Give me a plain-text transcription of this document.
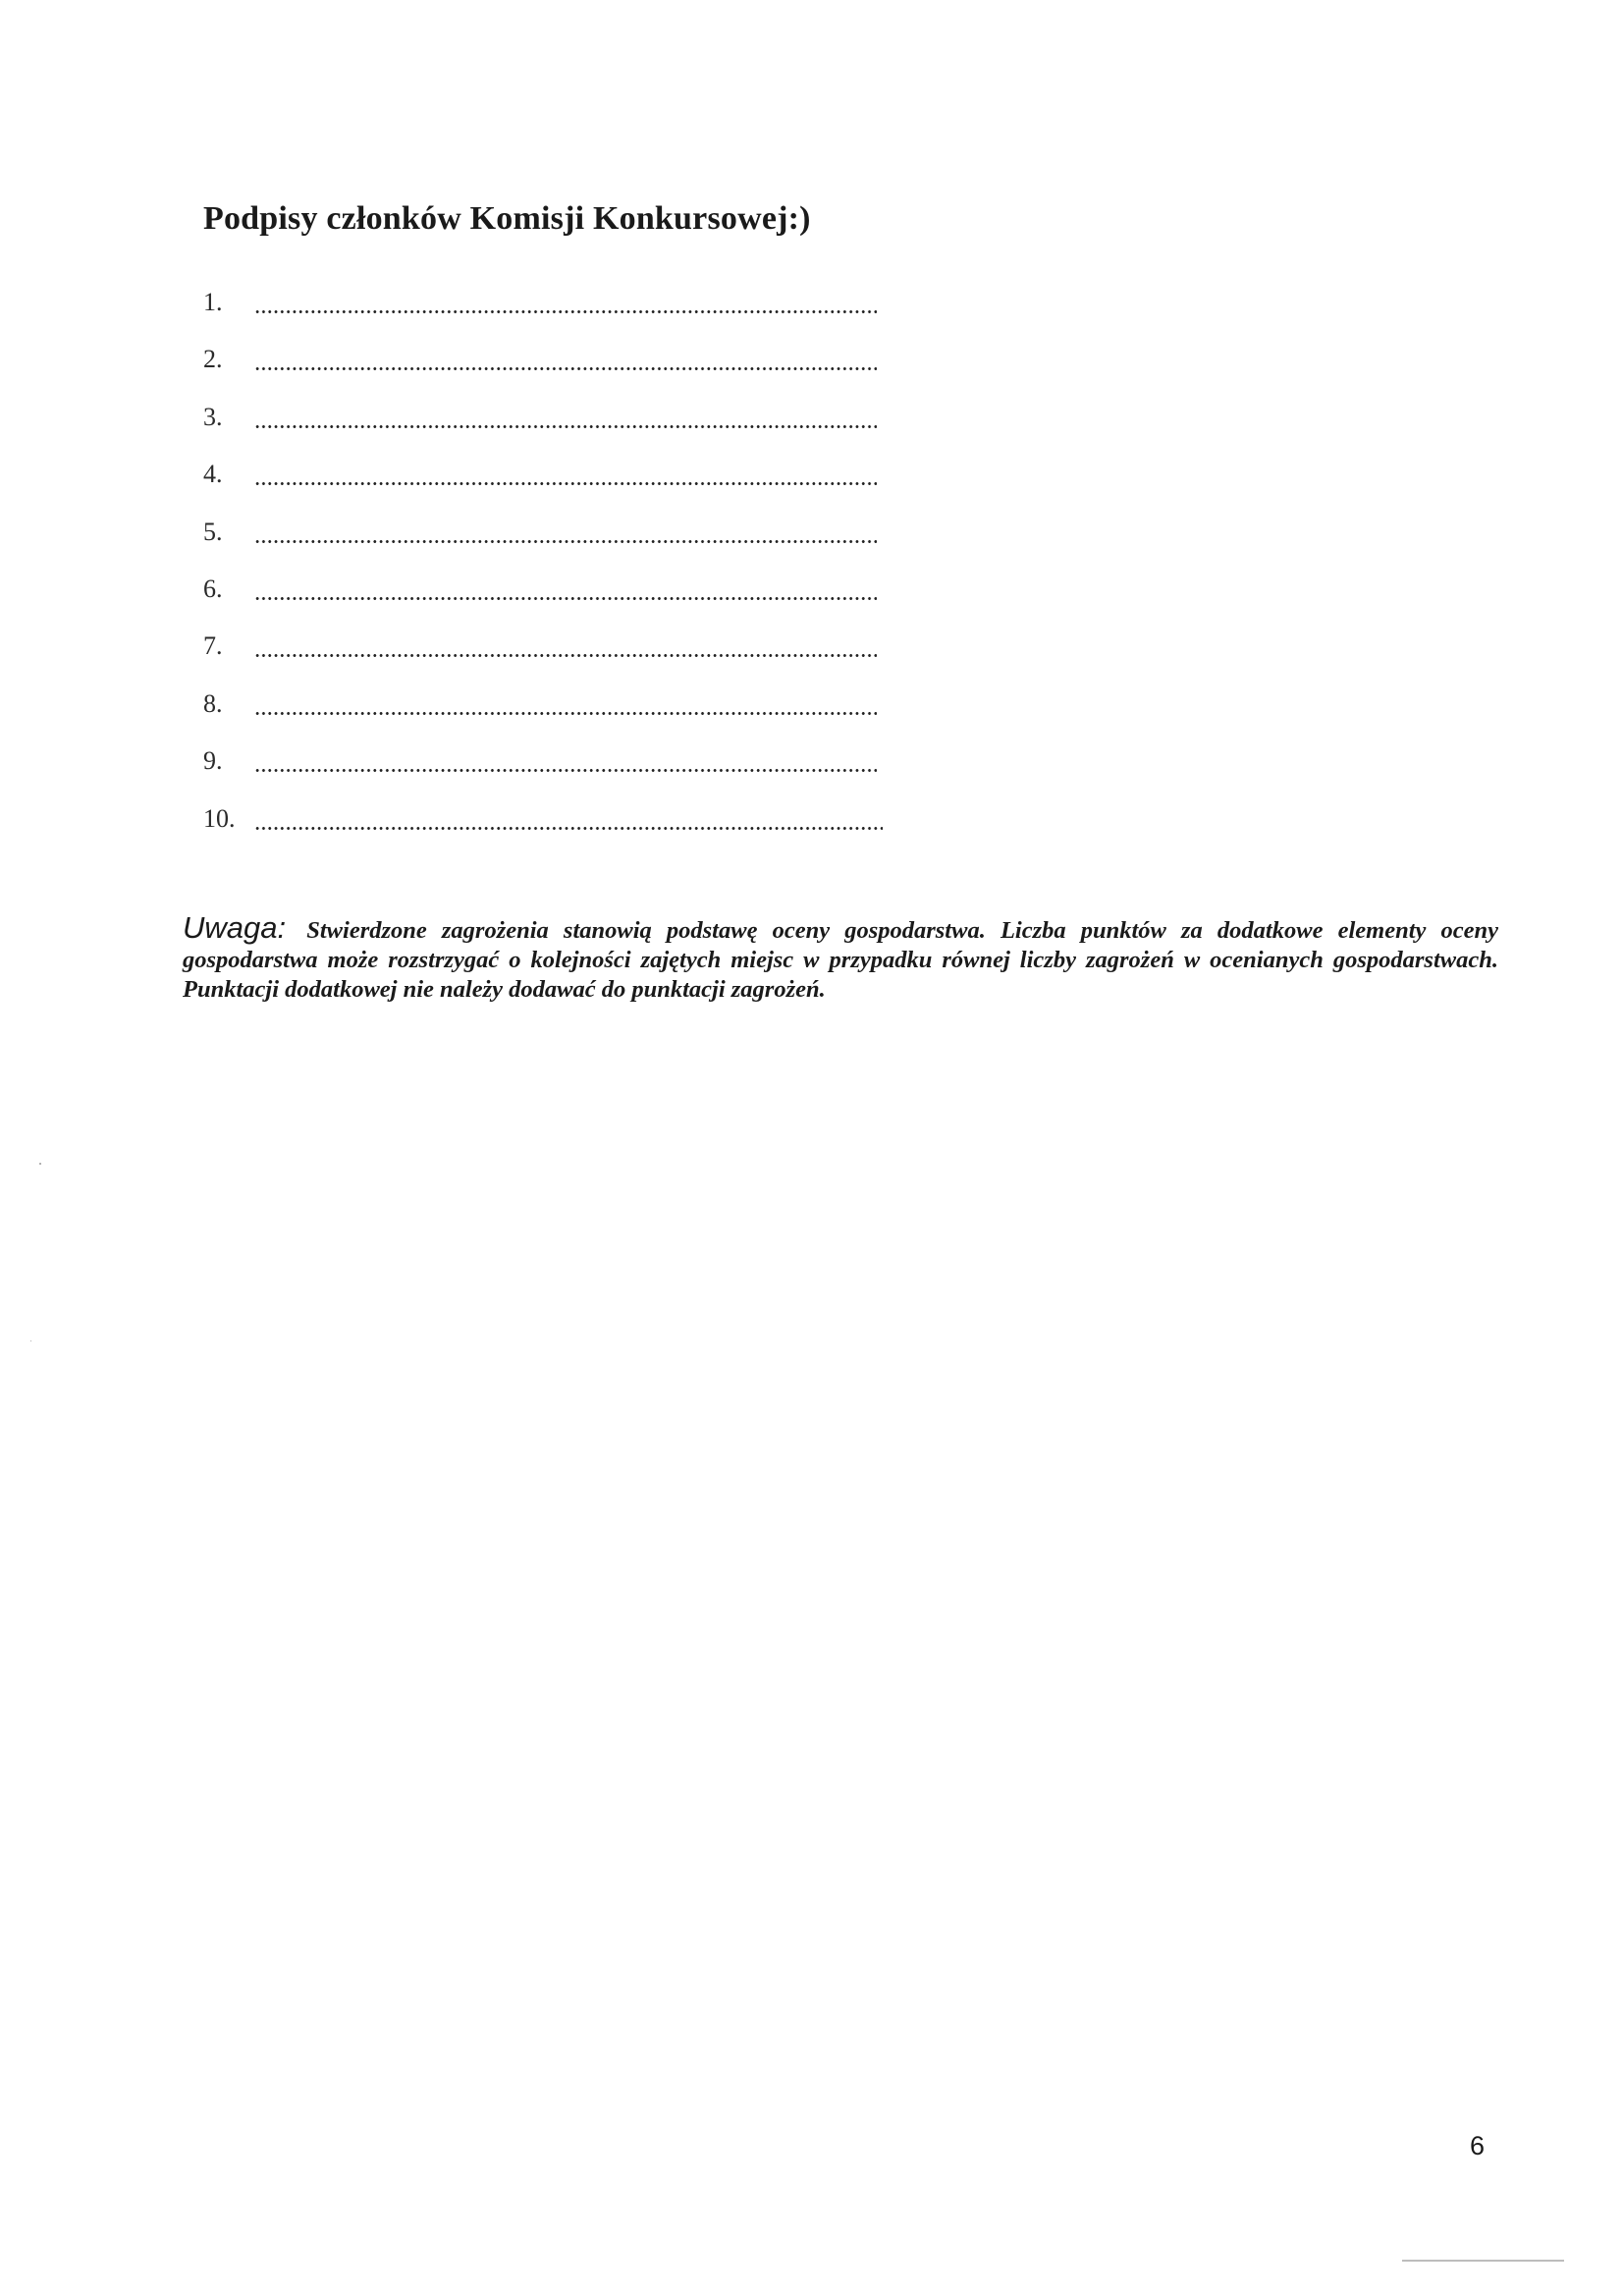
Podpisy członków Komisji Konkursowej:)
1.
2.
3.
4.
5.
6.
7.
8.
9.
10.
Uwaga: Stwierdzone zagrożenia stanowią podstawę oceny gospodarstwa. Liczba punktów za dodatkowe elementy oceny gospodarstwa może rozstrzygać o kolejności zajętych miejsc w przypadku równej liczby zagrożeń w ocenianych gospodarstwach. Punktacji dodatkowej nie należy dodawać do punktacji zagrożeń.
6
